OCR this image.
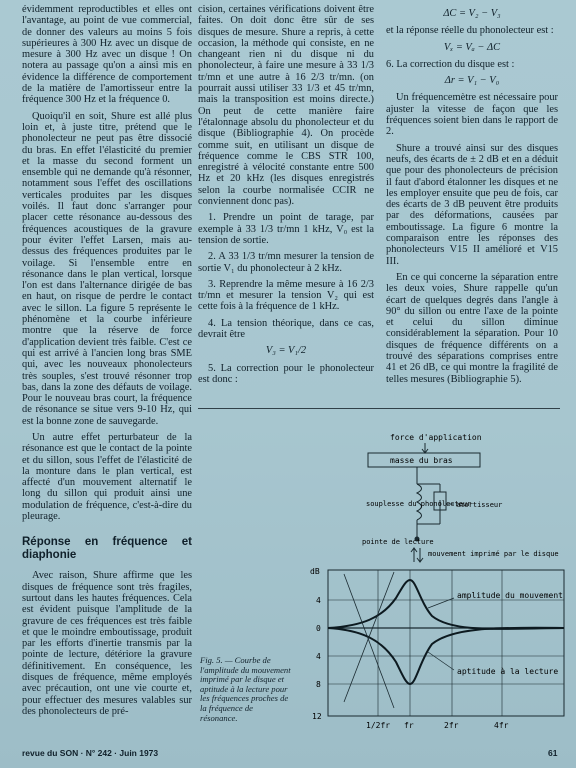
évidemment reproductibles et elles ont l'avantage, au point de vue commercial, de donner des valeurs au moins 5 fois supérieures à 300 Hz avec un disque de mesure à 300 Hz avec un disque ! On notera au passage qu'on a ainsi mis en évidence la différence de comportement de la matière de l'amortisseur entre la fréquence 300 Hz et la fréquence 0.

Quoiqu'il en soit, Shure est allé plus loin et, à juste titre, prétend que le phonolecteur ne peut pas être dissocié du bras. En effet l'élasticité du premier et la masse du second forment un ensemble qui ne demande qu'à résonner, notamment sous l'effet des oscillations verticales produites par les disques voilés. Il faut donc s'arranger pour placer cette résonance au-dessous des fréquences acoustiques de la gravure pour éviter l'effet Larsen, mais au-dessus des fréquences produites par le voilage. Si l'ensemble entre en résonance dans le plan vertical, lorsque l'on est dans l'alternance dirigée de bas en haut, on risque de perdre le contact avec le sillon. La figure 5 représente le phénomène et la courbe inférieure montre que la réserve de force d'application devient très faible. C'est ce qui est arrivé à l'ancien long bras SME qui, avec les nouveaux phonolecteurs très souples, s'est trouvé résonner trop bas, dans la zone des défauts de voilage. Pour le nouveau bras court, la fréquence de résonance se situe vers 9-10 Hz, qui est la bonne zone de sauvegarde.

Un autre effet perturbateur de la résonance est que le contact de la pointe et du sillon, sous l'effet de l'élasticité de la monture dans le plan vertical, est affecté d'un mouvement alternatif le long du sillon qui produit ainsi une modulation de fréquence, c'est-à-dire du pleurage.

Réponse en fréquence et diaphonie

Avec raison, Shure affirme que les disques de fréquence sont très fragiles, surtout dans les hautes fréquences. Cela est évident puisque l'amplitude de la gravure de ces fréquences est très faible et que le moindre emboutissage, produit par les efforts d'inertie transmis par la pointe de lecture, détériore la gravure définitivement. En conséquence, les disques de fréquence, même employés avec précaution, ont une vie courte et, pour effectuer des mesures valables sur des phonolecteurs de pré-

cision, certaines vérifications doivent être faites. On doit donc être sûr de ses disques de mesure. Shure a repris, à cette occasion, la méthode qui consiste, en ne changeant rien ni du disque ni du phonolecteur, à faire une mesure à 33 1/3 tr/mn et une autre à 16 2/3 tr/mn. (on pourrait aussi utiliser 33 1/3 et 45 tr/mn, mais la transposition est moins directe.) On peut de cette manière faire l'étalonnage absolu du phonolecteur et du disque (Bibliographie 4). On procède comme suit, en utilisant un disque de fréquence comme le CBS STR 100, enregistré à vélocité constante entre 500 Hz et 20 kHz (les disques enregistrés selon la courbe normalisée CCIR ne conviennent donc pas).

1. Prendre un point de tarage, par exemple à 33 1/3 tr/mn 1 kHz, V₀ est la tension de sortie.

2. A 33 1/3 tr/mn mesurer la tension de sortie V₁ du phonolecteur à 2 kHz.

3. Reprendre la même mesure à 16 2/3 tr/mn et mesurer la tension V₂ qui est cette fois à la fréquence de 1 kHz.

4. La tension théorique, dans ce cas, devrait être

V₃ = V₁/2

5. La correction pour le phonolecteur est donc :

ΔC = V₂ − V₃

et la réponse réelle du phonolecteur est :

Vₓ = Vₐ − ΔC

6. La correction du disque est :

Δr = V₁ − V₀

Un fréquencemètre est nécessaire pour ajuster la vitesse de façon que les fréquences soient bien dans le rapport de 2.

Shure a trouvé ainsi sur des disques neufs, des écarts de ± 2 dB et en a déduit que pour des phonolecteurs de précision il faut d'abord étalonner les disques et ne les employer ensuite que peu de fois, car des écarts de 3 dB peuvent être produits par des déformations, causées par emboutissage. La figure 6 montre la comparaison entre les réponses des phonolecteurs V15 II amélioré et V15 III.

En ce qui concerne la séparation entre les deux voies, Shure rappelle qu'un écart de quelques degrés dans l'angle à 90° du sillon ou entre l'axe de la pointe et celui du sillon diminue considérablement la séparation. Pour 10 disques de fréquence différents on a trouvé des séparations comprises entre 41 et 26 dB, ce qui montre la fragilité de telles mesures (Bibliographie 5).

Fig. 5. — Courbe de l'amplitude du mouvement imprimé par le disque et aptitude à la lecture pour les fréquences proches de la fréquence de résonance.
force d'application
masse du bras
souplesse du phonolecteur
amortisseur
pointe de lecture
mouvement imprimé par le disque
dB
4
0
4
8
12
1/2fr fr	2fr	4fr
amplitude du mouvement
aptitude à la lecture
revue du SON · N° 242 · Juin 1973	61
